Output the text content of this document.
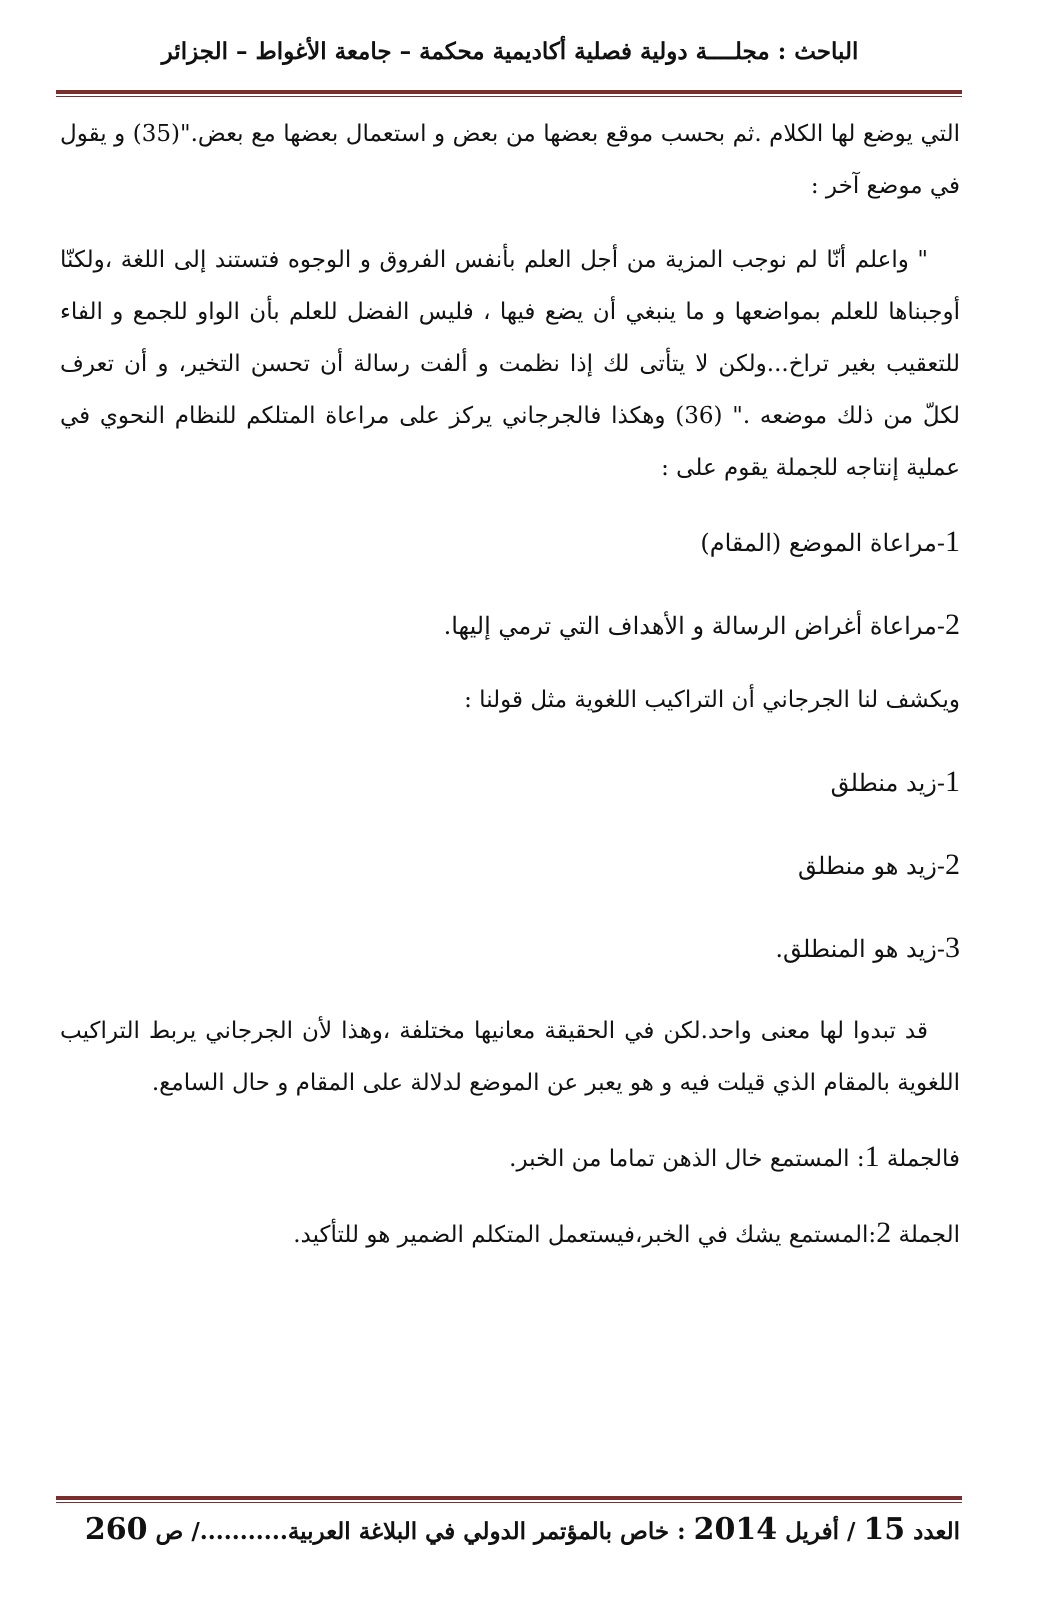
الباحث : مجلــــة دولية فصلية أكاديمية محكمة – جامعة الأغواط – الجزائر

التي يوضع لها الكلام .ثم بحسب موقع بعضها من بعض و استعمال بعضها مع بعض."(35) و يقول في موضع آخر :

" واعلم أنّا لم نوجب المزية من أجل العلم بأنفس الفروق و الوجوه فتستند إلى اللغة ،ولكنّا أوجبناها للعلم بمواضعها و ما ينبغي أن يضع فيها ، فليس الفضل للعلم بأن الواو للجمع و الفاء للتعقيب بغير تراخ...ولكن لا يتأتى لك إذا نظمت و ألفت رسالة أن تحسن التخير، و أن تعرف لكلّ من ذلك موضعه ." (36) وهكذا فالجرجاني يركز على مراعاة المتلكم للنظام النحوي في عملية إنتاجه للجملة يقوم على :

1-مراعاة الموضع (المقام)

2-مراعاة أغراض الرسالة و الأهداف التي ترمي إليها.

ويكشف لنا الجرجاني أن التراكيب اللغوية مثل قولنا :

1-زيد منطلق

2-زيد هو منطلق

3-زيد هو المنطلق.

قد تبدوا لها معنى واحد.لكن في الحقيقة معانيها مختلفة ،وهذا لأن الجرجاني يربط التراكيب اللغوية بالمقام الذي قيلت فيه و هو يعبر عن الموضع لدلالة على المقام و حال السامع.

فالجملة 1: المستمع خال الذهن تماما من الخبر.

الجملة 2:المستمع يشك في الخبر،فيستعمل المتكلم الضمير هو للتأكيد.

العدد 15 / أفريل 2014 : خاص بالمؤتمر الدولي في البلاغة العربية.........../ ص 260
